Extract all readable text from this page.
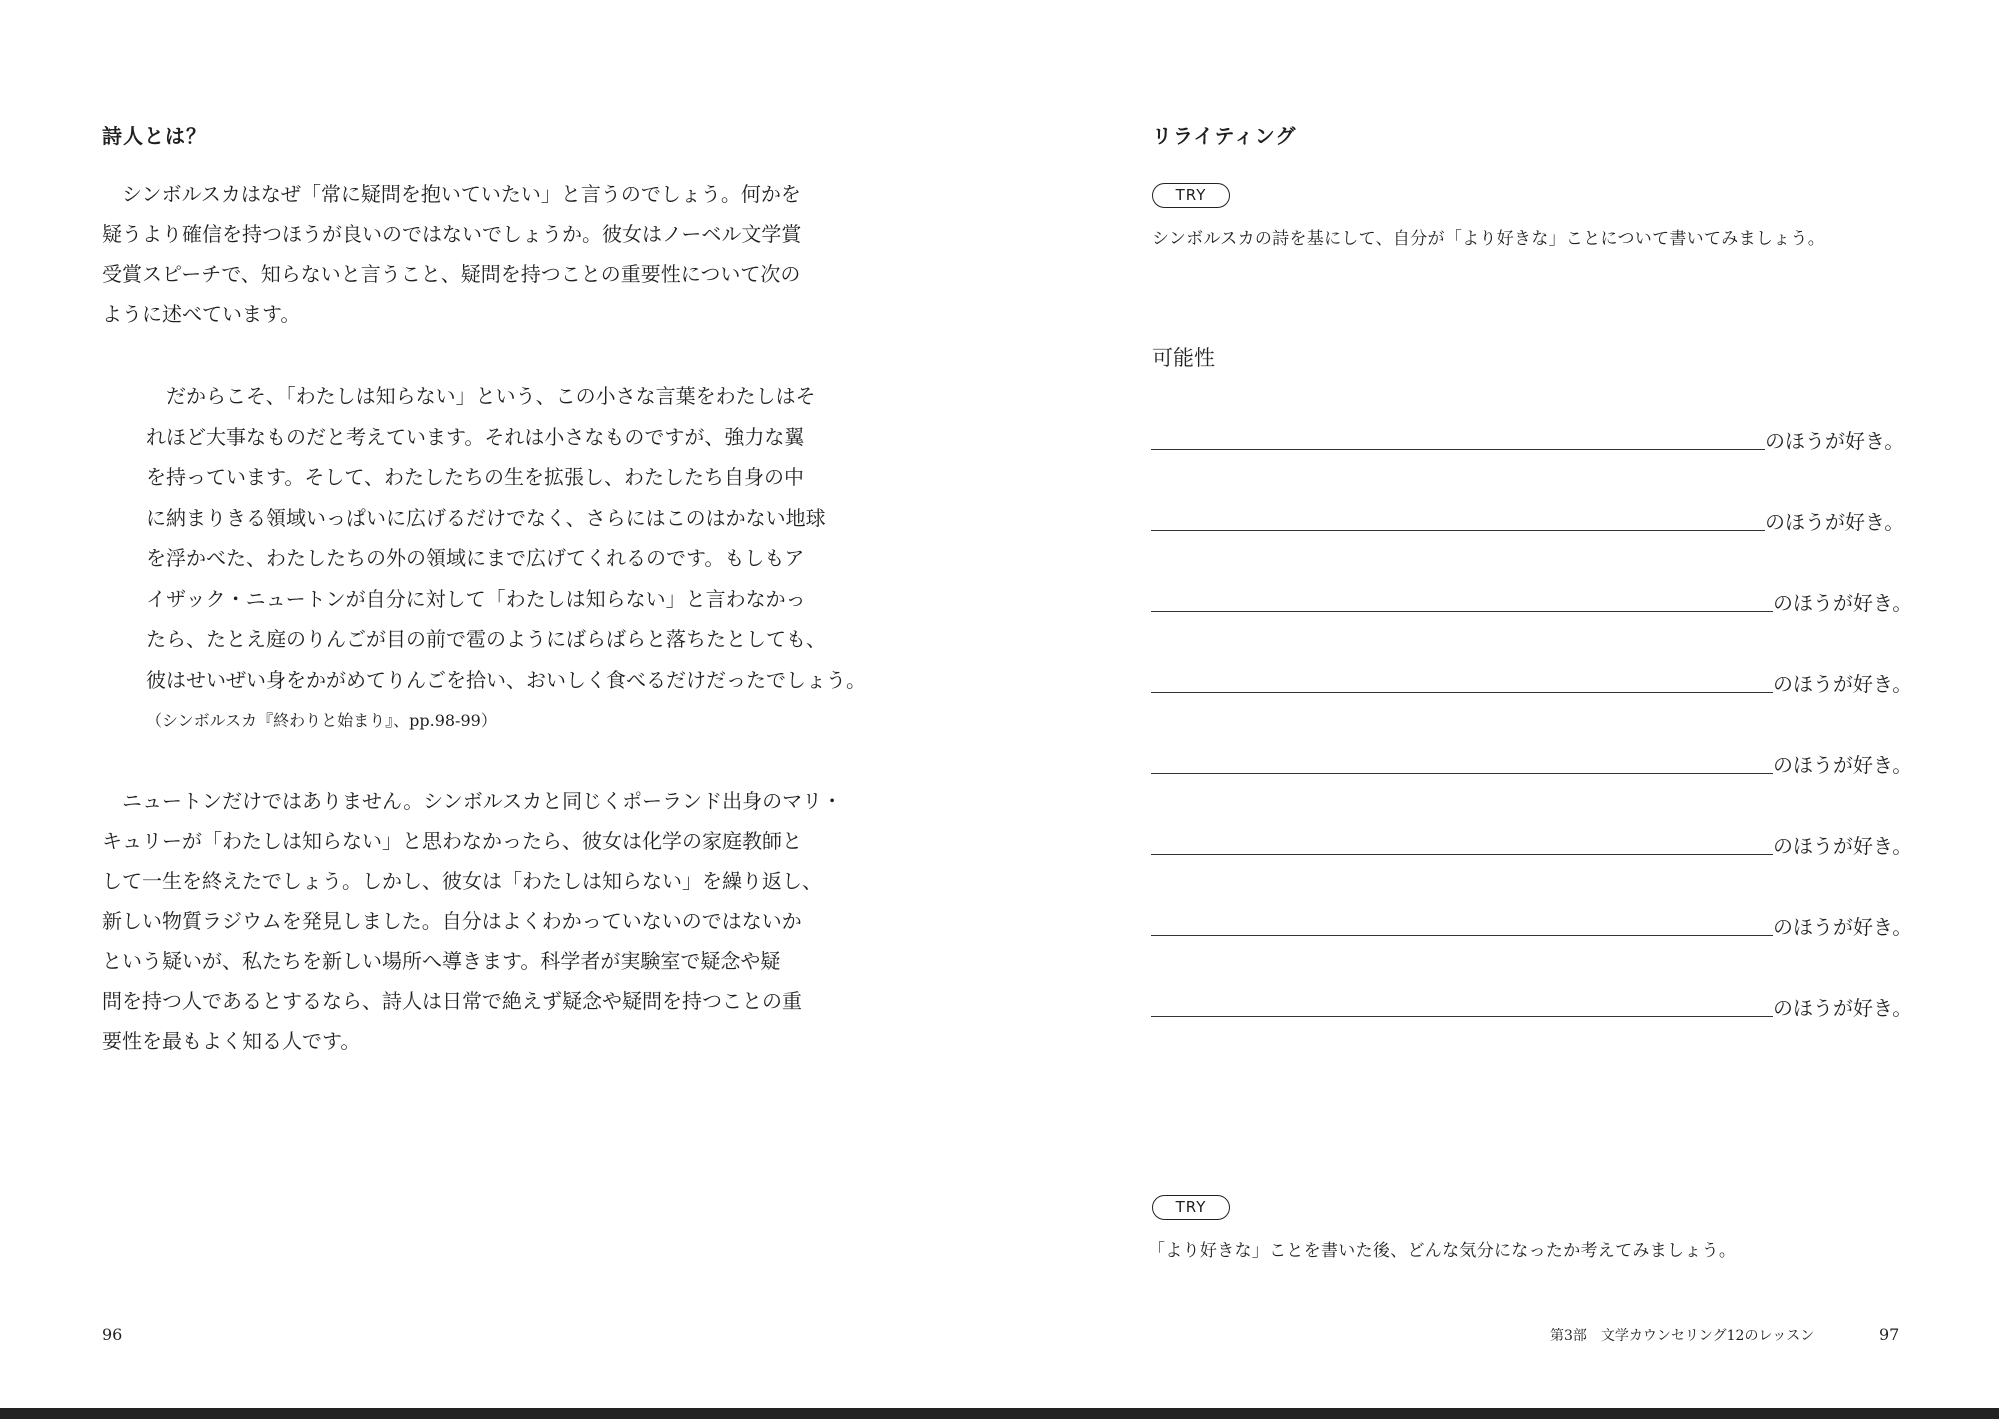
詩人とは？
　シンボルスカはなぜ「常に疑問を抱いていたい」と言うのでしょう。何かを
疑うより確信を持つほうが良いのではないでしょうか。彼女はノーベル文学賞
受賞スピーチで、知らないと言うこと、疑問を持つことの重要性について次の
ように述べています。
　だからこそ、「わたしは知らない」という、この小さな言葉をわたしはそ
れほど大事なものだと考えています。それは小さなものですが、強力な翼
を持っています。そして、わたしたちの生を拡張し、わたしたち自身の中
に納まりきる領域いっぱいに広げるだけでなく、さらにはこのはかない地球
を浮かべた、わたしたちの外の領域にまで広げてくれるのです。もしもア
イザック・ニュートンが自分に対して「わたしは知らない」と言わなかっ
たら、たとえ庭のりんごが目の前で雹のようにばらばらと落ちたとしても、
彼はせいぜい身をかがめてりんごを拾い、おいしく食べるだけだったでしょう。
（シンボルスカ『終わりと始まり』、pp.98-99）
　ニュートンだけではありません。シンボルスカと同じくポーランド出身のマリ・
キュリーが「わたしは知らない」と思わなかったら、彼女は化学の家庭教師と
して一生を終えたでしょう。しかし、彼女は「わたしは知らない」を繰り返し、
新しい物質ラジウムを発見しました。自分はよくわかっていないのではないか
という疑いが、私たちを新しい場所へ導きます。科学者が実験室で疑念や疑
問を持つ人であるとするなら、詩人は日常で絶えず疑念や疑問を持つことの重
要性を最もよく知る人です。
96
リライティング
TRY
シンボルスカの詩を基にして、自分が「より好きな」ことについて書いてみましょう。
可能性
のほうが好き。
のほうが好き。
のほうが好き。
のほうが好き。
のほうが好き。
のほうが好き。
のほうが好き。
のほうが好き。
TRY
「より好きな」ことを書いた後、どんな気分になったか考えてみましょう。
第3部　文学カウンセリング12のレッスン	97
